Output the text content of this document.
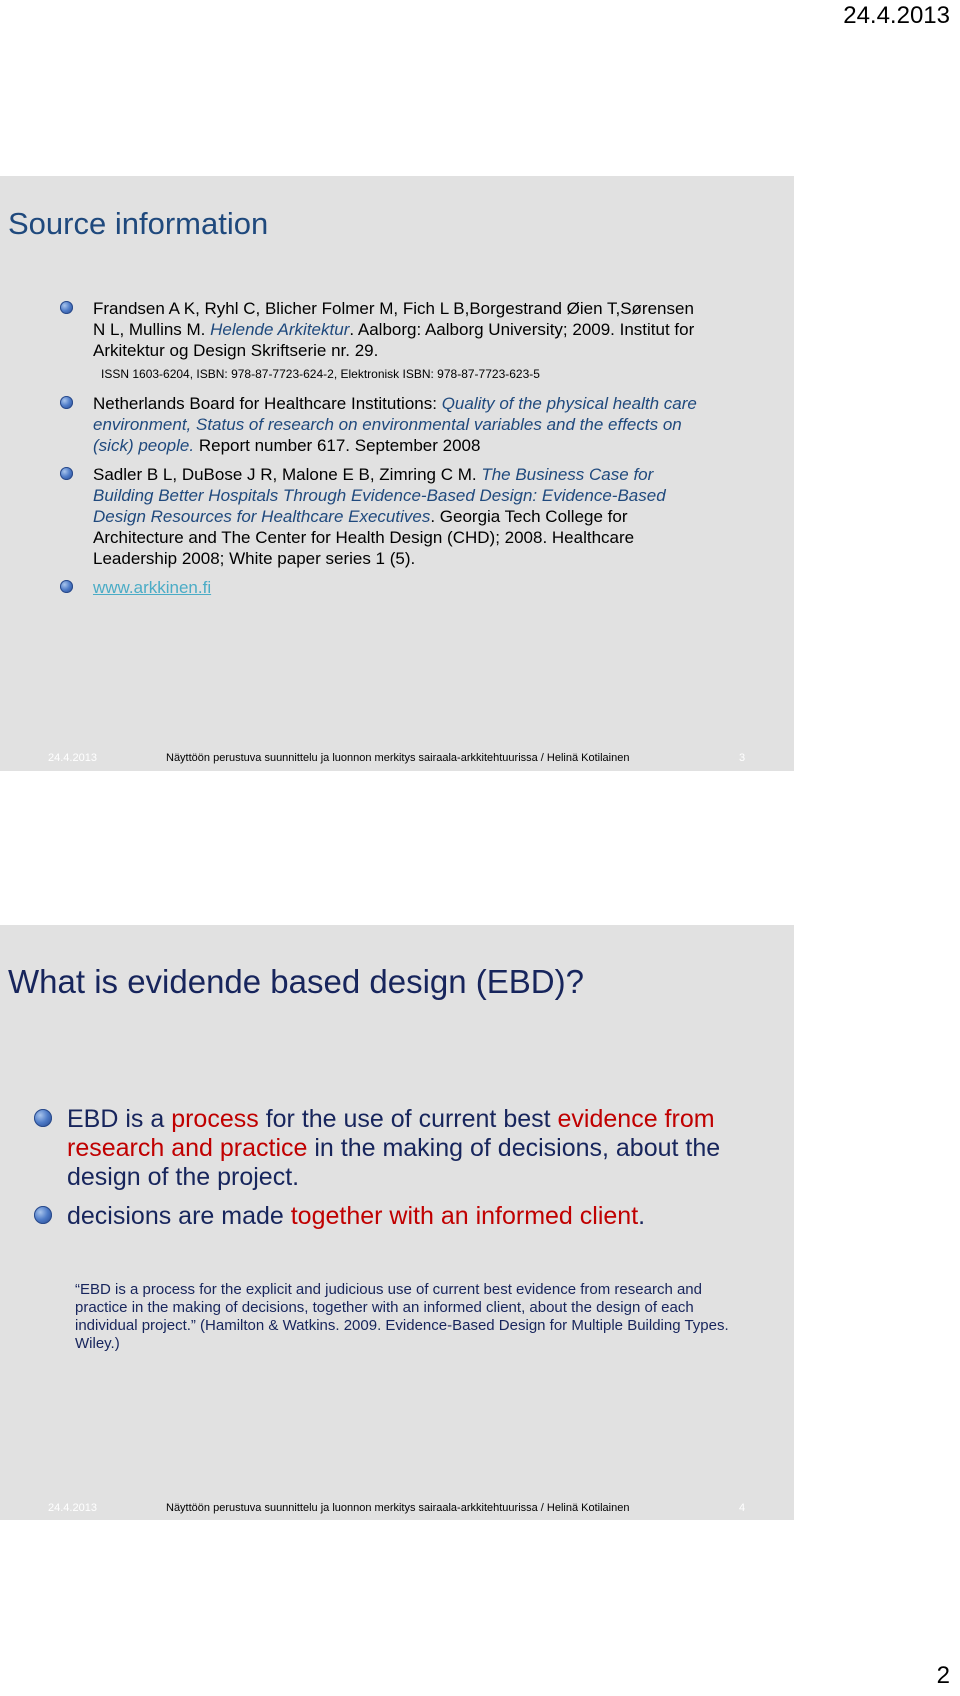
24.4.2013
Source information
Frandsen A K, Ryhl C, Blicher Folmer M, Fich L B,Borgestrand Øien T,Sørensen N L, Mullins M. Helende Arkitektur. Aalborg: Aalborg University; 2009. Institut for Arkitektur og Design Skriftserie nr. 29.
ISSN 1603-6204, ISBN: 978-87-7723-624-2, Elektronisk ISBN: 978-87-7723-623-5
Netherlands Board for Healthcare Institutions: Quality of the physical health care environment, Status of research on environmental variables and the effects on (sick) people. Report number 617. September 2008
Sadler B L, DuBose J R, Malone E B, Zimring C M. The Business Case for Building Better Hospitals Through Evidence-Based Design: Evidence-Based Design Resources for Healthcare Executives. Georgia Tech College for Architecture and The Center for Health Design (CHD); 2008. Healthcare Leadership 2008; White paper series 1 (5).
www.arkkinen.fi
24.4.2013	Näyttöön perustuva suunnittelu ja luonnon merkitys sairaala-arkkitehtuurissa / Helinä Kotilainen	3
What is evidende based design (EBD)?
EBD is a process for the use of current best evidence from research and practice in the making of decisions, about the design of the project.
decisions are made together with an informed client.
“EBD is a process for the explicit and judicious use of current best evidence from research and practice in the making of decisions, together with an informed client, about the design of each individual project.” (Hamilton & Watkins. 2009. Evidence-Based Design for Multiple Building Types. Wiley.)
24.4.2013	Näyttöön perustuva suunnittelu ja luonnon merkitys sairaala-arkkitehtuurissa / Helinä Kotilainen	4
2
